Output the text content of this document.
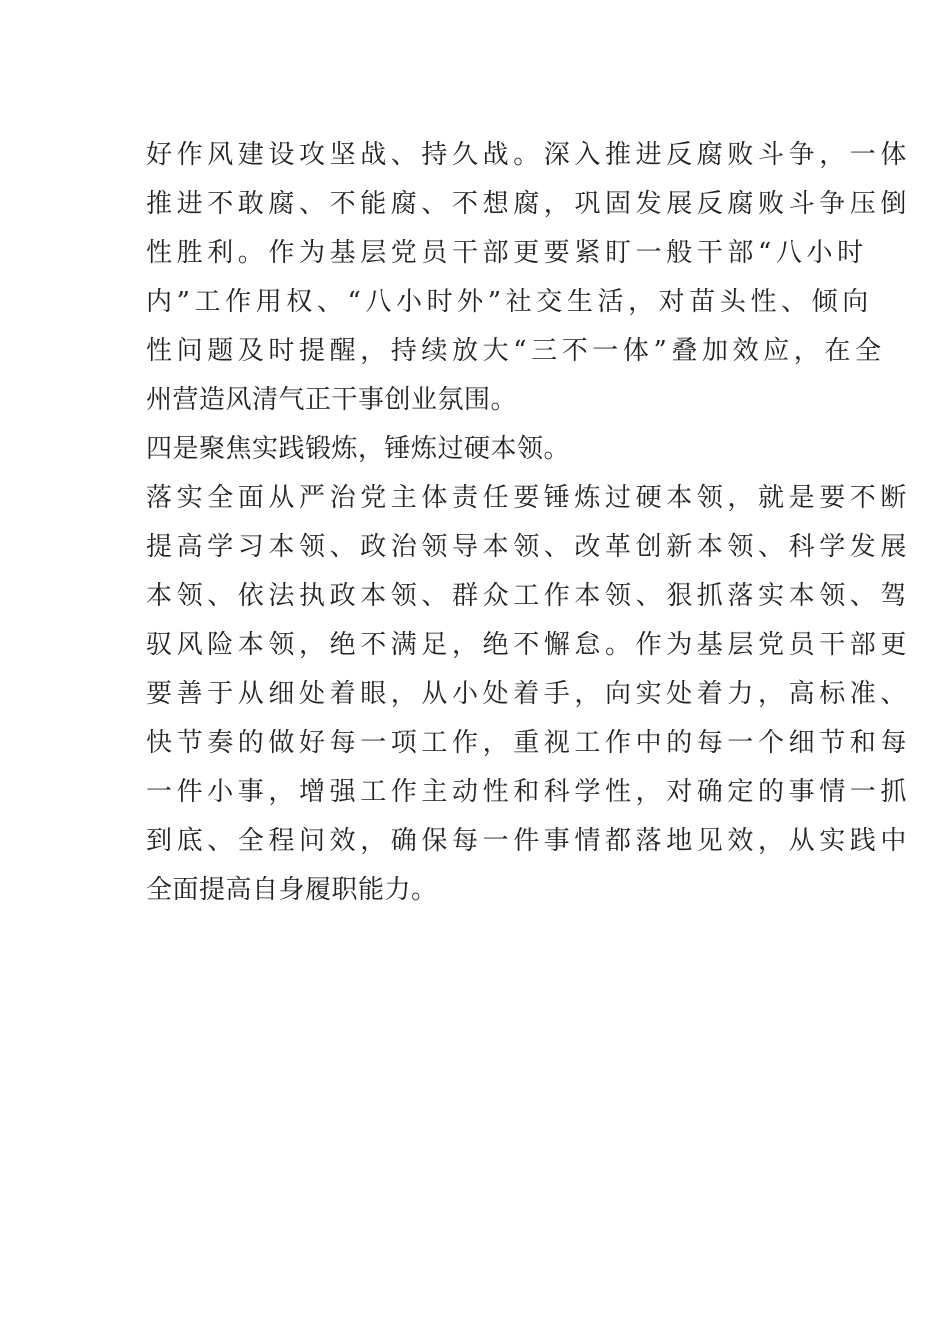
好作风建设攻坚战、持久战。深入推进反腐败斗争，一体
推进不敢腐、不能腐、不想腐，巩固发展反腐败斗争压倒
性胜利。作为基层党员干部更要紧盯一般干部“八小时
内”工作用权、“八小时外”社交生活，对苗头性、倾向
性问题及时提醒，持续放大“三不一体”叠加效应，在全
州营造风清气正干事创业氛围。
四是聚焦实践锻炼，锤炼过硬本领。
落实全面从严治党主体责任要锤炼过硬本领，就是要不断
提高学习本领、政治领导本领、改革创新本领、科学发展
本领、依法执政本领、群众工作本领、狠抓落实本领、驾
驭风险本领，绝不满足，绝不懈怠。作为基层党员干部更
要善于从细处着眼，从小处着手，向实处着力，高标准、
快节奏的做好每一项工作，重视工作中的每一个细节和每
一件小事，增强工作主动性和科学性，对确定的事情一抓
到底、全程问效，确保每一件事情都落地见效，从实践中
全面提高自身履职能力。
